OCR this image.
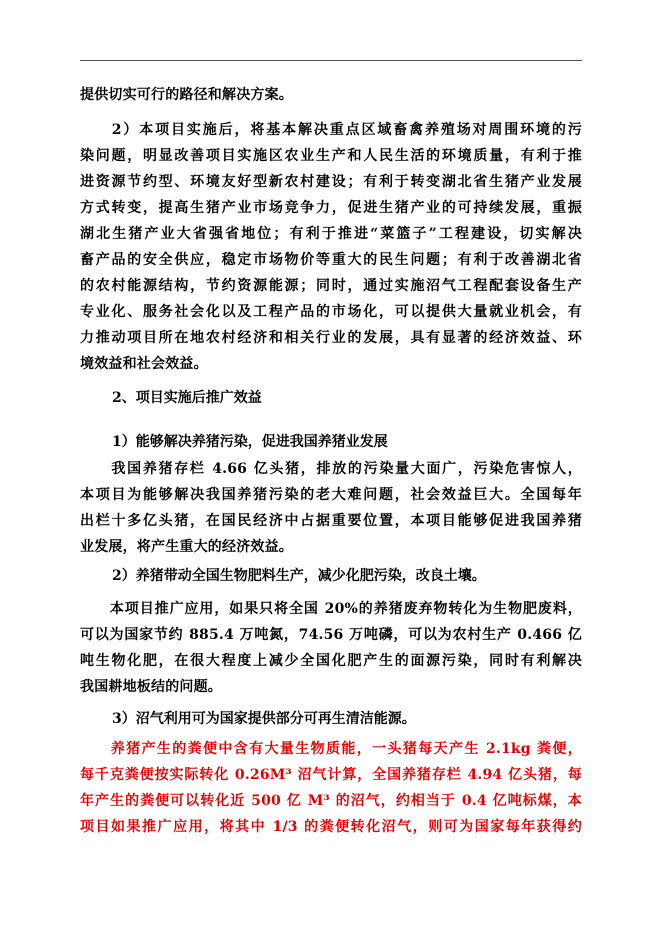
提供切实可行的路径和解决方案。
　　2）本项目实施后，将基本解决重点区域畜禽养殖场对周围环境的污
染问题，明显改善项目实施区农业生产和人民生活的环境质量，有利于推
进资源节约型、环境友好型新农村建设；有利于转变湖北省生猪产业发展
方式转变，提高生猪产业市场竞争力，促进生猪产业的可持续发展，重振
湖北生猪产业大省强省地位；有利于推进“菜篮子”工程建设，切实解决
畜产品的安全供应，稳定市场物价等重大的民生问题；有利于改善湖北省
的农村能源结构，节约资源能源；同时，通过实施沼气工程配套设备生产
专业化、服务社会化以及工程产品的市场化，可以提供大量就业机会，有
力推动项目所在地农村经济和相关行业的发展，具有显著的经济效益、环
境效益和社会效益。
2、项目实施后推广效益
1）能够解决养猪污染，促进我国养猪业发展
　　我国养猪存栏 4.66 亿头猪，排放的污染量大面广，污染危害惊人，
本项目为能够解决我国养猪污染的老大难问题，社会效益巨大。全国每年
出栏十多亿头猪，在国民经济中占据重要位置，本项目能够促进我国养猪
业发展，将产生重大的经济效益。
2）养猪带动全国生物肥料生产，减少化肥污染，改良土壤。
　　本项目推广应用，如果只将全国 20%的养猪废弃物转化为生物肥废料，
可以为国家节约 885.4 万吨氮，74.56 万吨磷，可以为农村生产 0.466 亿
吨生物化肥，在很大程度上减少全国化肥产生的面源污染，同时有利解决
我国耕地板结的问题。
3）沼气利用可为国家提供部分可再生清洁能源。
　　养猪产生的粪便中含有大量生物质能，一头猪每天产生 2.1kg 粪便，
每千克粪便按实际转化 0.26M³ 沼气计算，全国养猪存栏 4.94 亿头猪，每
年产生的粪便可以转化近 500 亿 M³ 的沼气，约相当于 0.4 亿吨标煤，本
项目如果推广应用，将其中 1/3 的粪便转化沼气，则可为国家每年获得约
